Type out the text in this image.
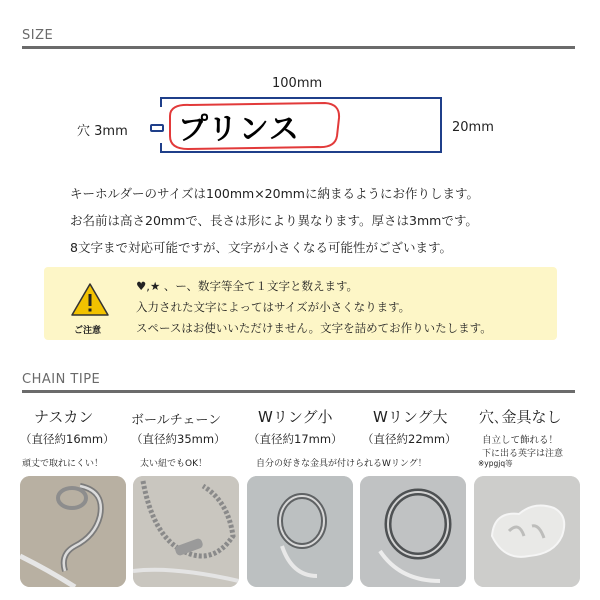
SIZE
100mm
穴 3mm プリンス	20mm
キーホルダーのサイズは100mm×20mmに納まるようにお作りします。
お名前は高さ20mmで、長さは形により異なります。厚さは3mmです。
8文字まで対応可能ですが、文字が小さくなる可能性がございます。
ご注意
♥,★ 、ー、数字等全て１文字と数えます。
入力された文字によってはサイズが小さくなります。
スペースはお使いいただけません。文字を詰めてお作りいたします。
CHAIN TIPE
ナスカン
（直径約16mm）
頑丈で取れにくい！
ボールチェーン
（直径約35mm）
太い紐でもOK！
Wリング小
（直径約17mm）
自分の好きな金具が付けられるWリング！
Wリング大
（直径約22mm）
穴､金具なし
自立して飾れる！
下に出る英字は注意
※ypgjq等
